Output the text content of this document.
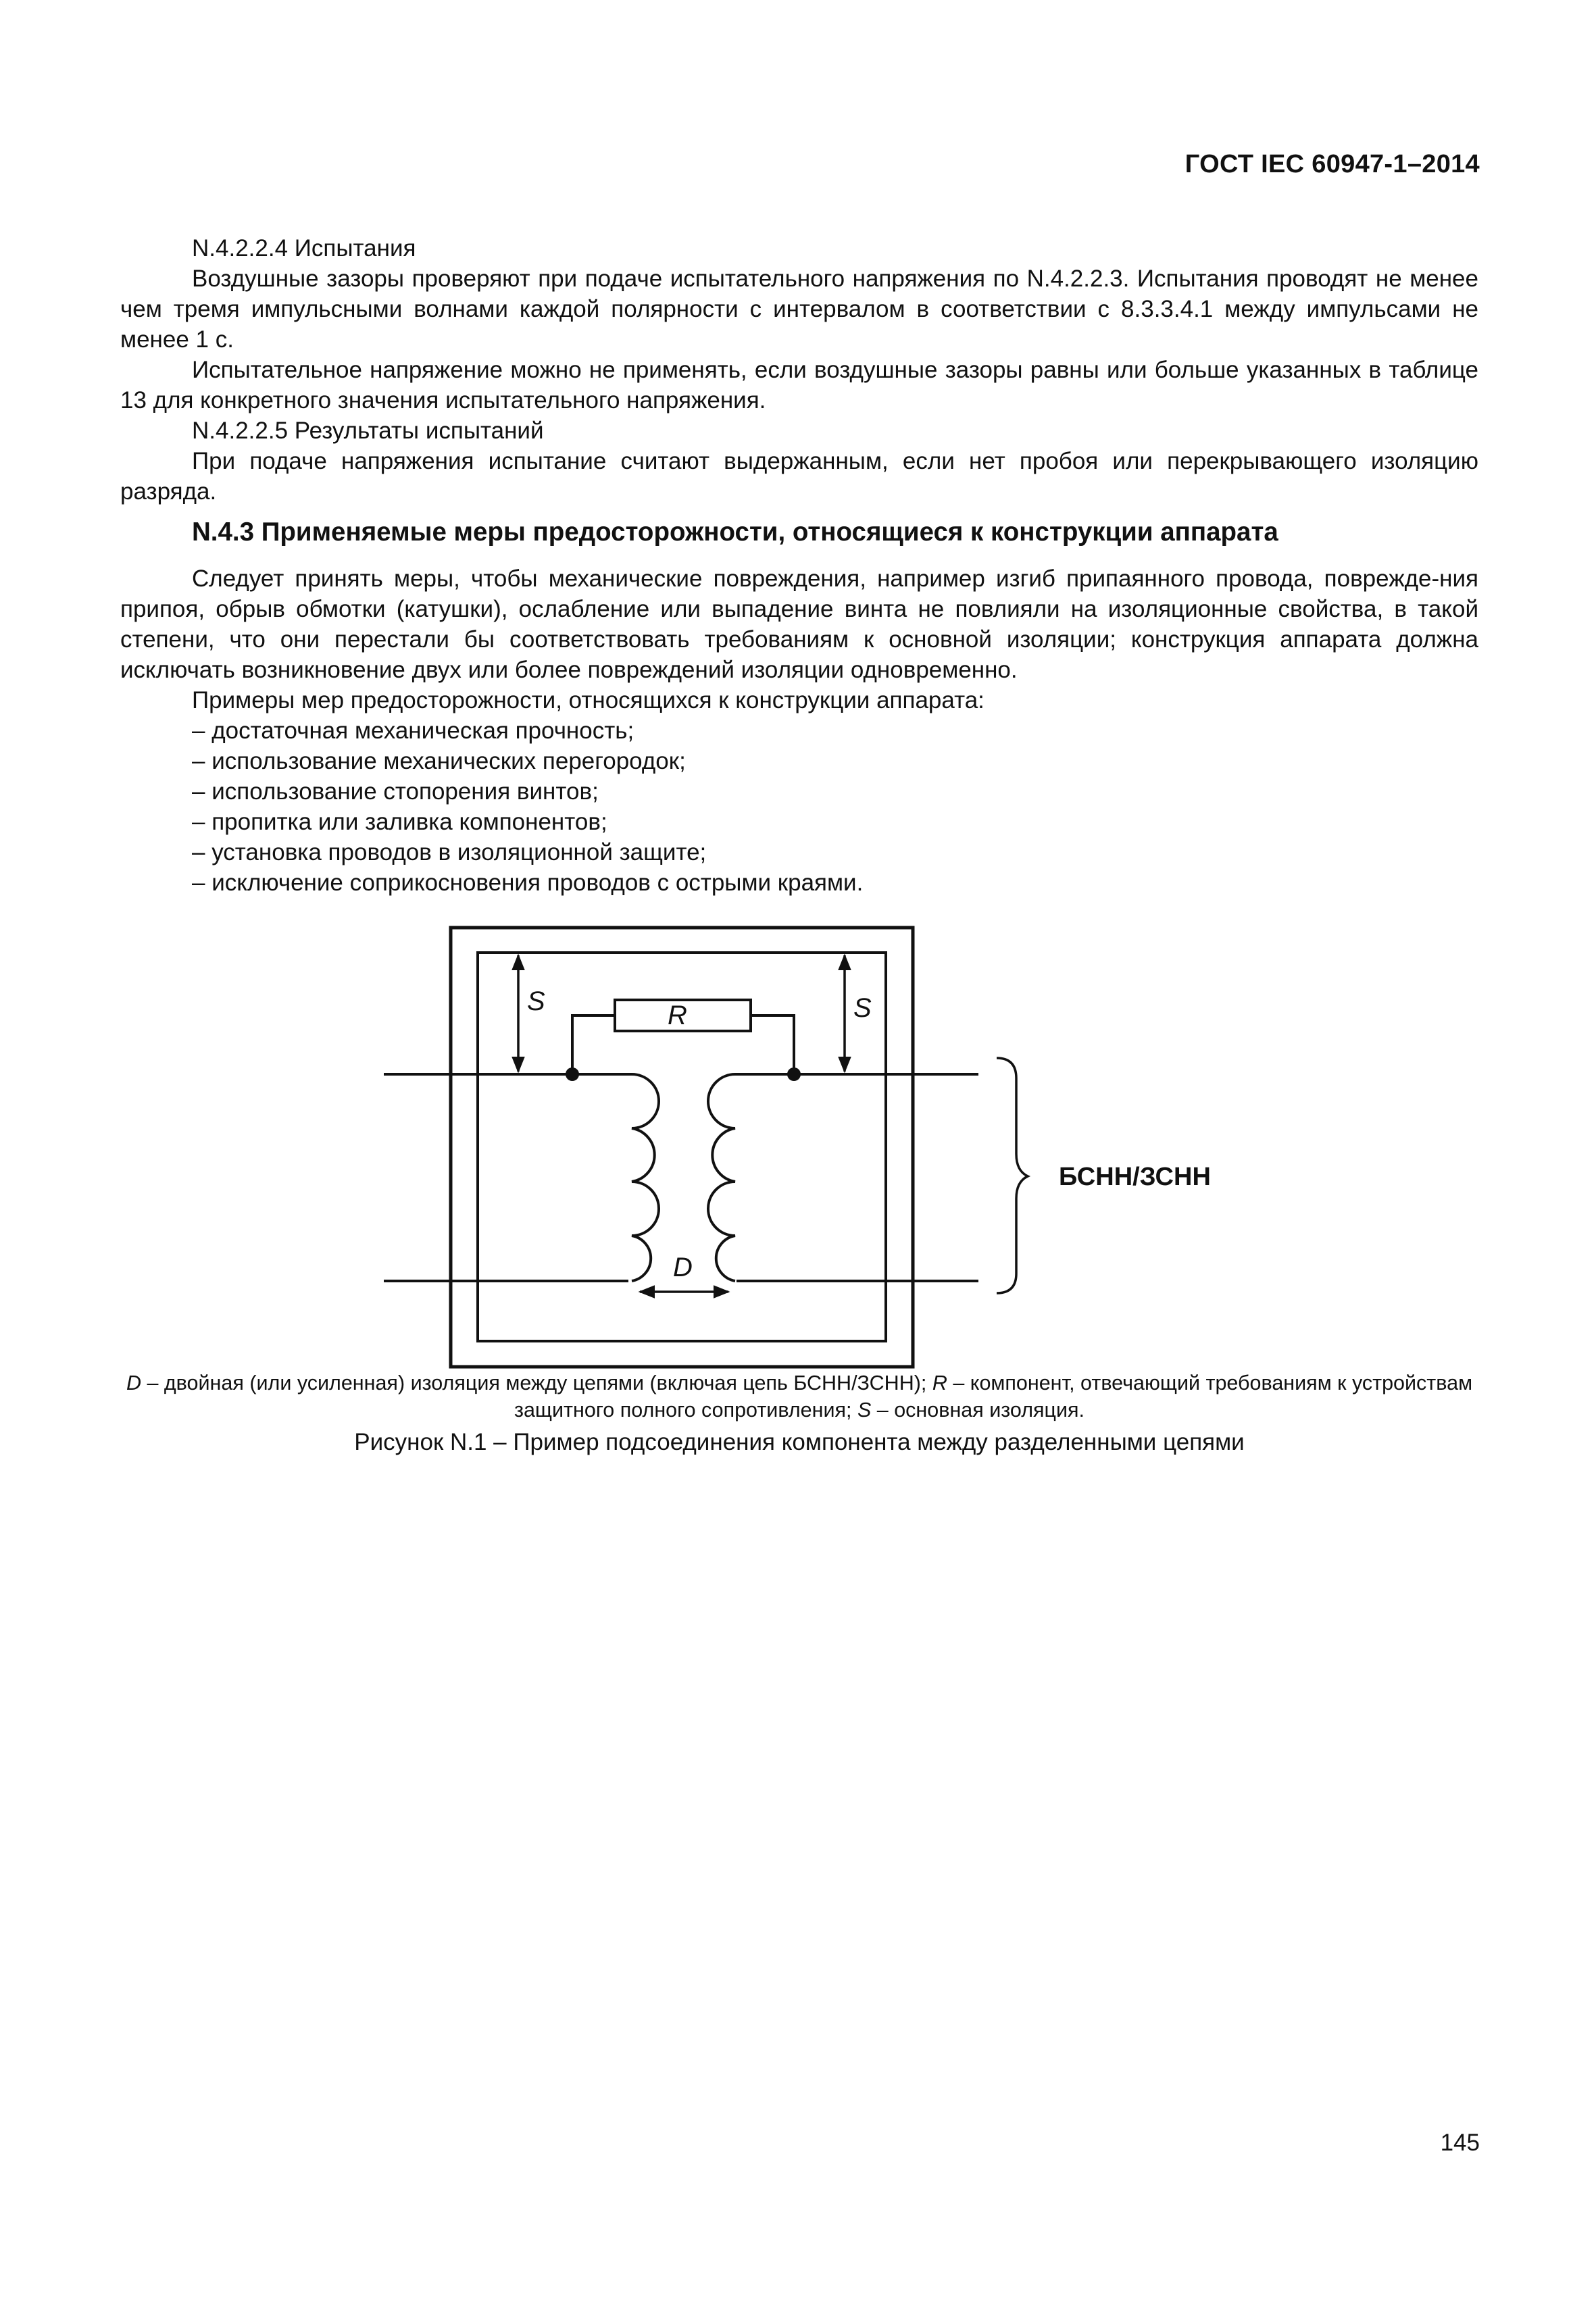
ГОСТ IEC 60947-1–2014

N.4.2.2.4 Испытания

Воздушные зазоры проверяют при подаче испытательного напряжения по N.4.2.2.3. Испытания проводят не менее чем тремя импульсными волнами каждой полярности с интервалом в соответствии с 8.3.3.4.1 между импульсами не менее 1 с.

Испытательное напряжение можно не применять, если воздушные зазоры равны или больше указанных в таблице 13 для конкретного значения испытательного напряжения.

N.4.2.2.5 Результаты испытаний

При подаче напряжения испытание считают выдержанным, если нет пробоя или перекрывающего изоляцию разряда.

N.4.3 Применяемые меры предосторожности, относящиеся к конструкции аппарата

Следует принять меры, чтобы механические повреждения, например изгиб припаянного провода, поврежде-ния припоя, обрыв обмотки (катушки), ослабление или выпадение винта не повлияли на изоляционные свойства, в такой степени, что они перестали бы соответствовать требованиям к основной изоляции; конструкция аппарата должна исключать возникновение двух или более повреждений изоляции одновременно.

Примеры мер предосторожности, относящихся к конструкции аппарата:

– достаточная механическая прочность;

– использование механических перегородок;

– использование стопорения винтов;

– пропитка или заливка компонентов;

– установка проводов в изоляционной защите;

– исключение соприкосновения проводов с острыми краями.

S	S
R
D
БСНН/ЗСНН
D – двойная (или усиленная) изоляция между цепями (включая цепь БСНН/ЗСНН); R – компонент, отвечающий требованиям к устройствам защитного полного сопротивления; S – основная изоляция.
Рисунок N.1 – Пример подсоединения компонента между разделенными цепями
145
